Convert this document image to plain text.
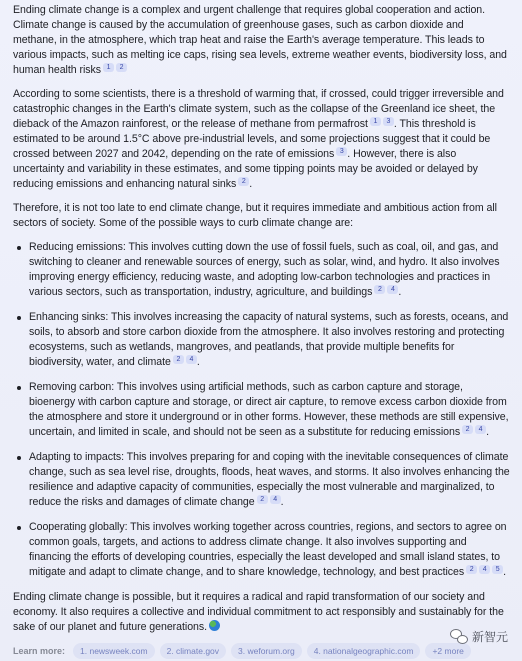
Ending climate change is a complex and urgent challenge that requires global cooperation and action. Climate change is caused by the accumulation of greenhouse gases, such as carbon dioxide and methane, in the atmosphere, which trap heat and raise the Earth's average temperature. This leads to various impacts, such as melting ice caps, rising sea levels, extreme weather events, biodiversity loss, and human health risks 1 2

According to some scientists, there is a threshold of warming that, if crossed, could trigger irreversible and catastrophic changes in the Earth's climate system, such as the collapse of the Greenland ice sheet, the dieback of the Amazon rainforest, or the release of methane from permafrost 1 3 . This threshold is estimated to be around 1.5°C above pre-industrial levels, and some projections suggest that it could be crossed between 2027 and 2042, depending on the rate of emissions 3 . However, there is also uncertainty and variability in these estimates, and some tipping points may be avoided or delayed by reducing emissions and enhancing natural sinks 2 .

Therefore, it is not too late to end climate change, but it requires immediate and ambitious action from all sectors of society. Some of the possible ways to curb climate change are:

Reducing emissions: This involves cutting down the use of fossil fuels, such as coal, oil, and gas, and switching to cleaner and renewable sources of energy, such as solar, wind, and hydro. It also involves improving energy efficiency, reducing waste, and adopting low-carbon technologies and practices in various sectors, such as transportation, industry, agriculture, and buildings 2 4 .
Enhancing sinks: This involves increasing the capacity of natural systems, such as forests, oceans, and soils, to absorb and store carbon dioxide from the atmosphere. It also involves restoring and protecting ecosystems, such as wetlands, mangroves, and peatlands, that provide multiple benefits for biodiversity, water, and climate 2 4 .
Removing carbon: This involves using artificial methods, such as carbon capture and storage, bioenergy with carbon capture and storage, or direct air capture, to remove excess carbon dioxide from the atmosphere and store it underground or in other forms. However, these methods are still expensive, uncertain, and limited in scale, and should not be seen as a substitute for reducing emissions 2 4 .
Adapting to impacts: This involves preparing for and coping with the inevitable consequences of climate change, such as sea level rise, droughts, floods, heat waves, and storms. It also involves enhancing the resilience and adaptive capacity of communities, especially the most vulnerable and marginalized, to reduce the risks and damages of climate change 2 4 .
Cooperating globally: This involves working together across countries, regions, and sectors to agree on common goals, targets, and actions to address climate change. It also involves supporting and financing the efforts of developing countries, especially the least developed and small island states, to mitigate and adapt to climate change, and to share knowledge, technology, and best practices 2 4 5 .

Ending climate change is possible, but it requires a radical and rapid transformation of our society and economy. It also requires a collective and individual commitment to act responsibly and sustainably for the sake of our planet and future generations.

Learn more:	1. newsweek.com	2. climate.gov	3. weforum.org	4. nationalgeographic.com	+2 more
新智元
